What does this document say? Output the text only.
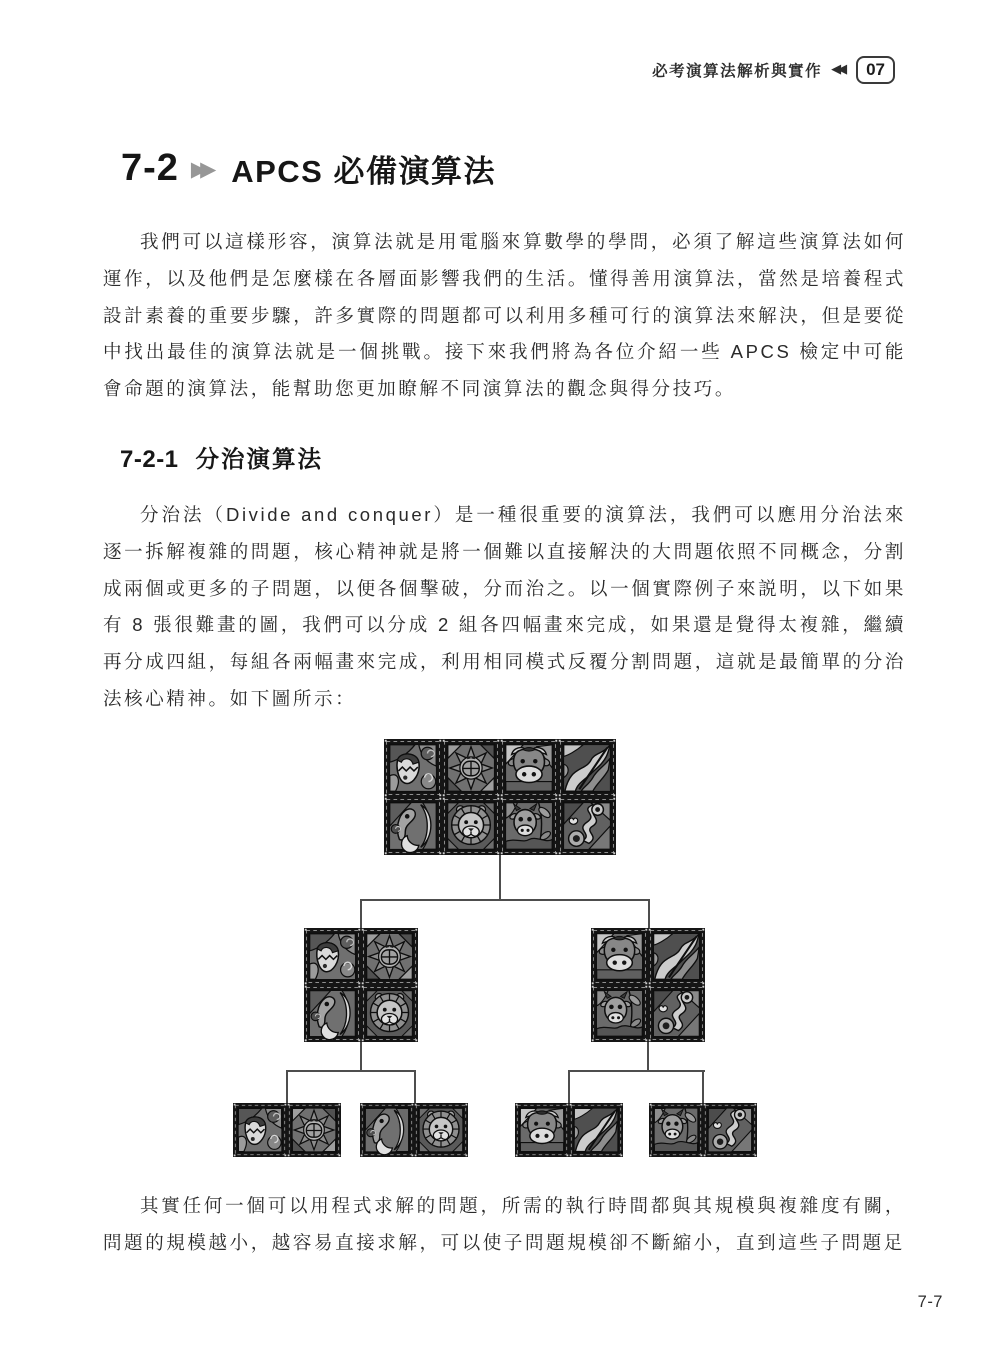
必考演算法解析與實作 ◀◀	07
7-2 ▶▶ APCS 必備演算法

我們可以這樣形容，演算法就是用電腦來算數學的學問，必須了解這些演算法如何運作，以及他們是怎麼樣在各層面影響我們的生活。懂得善用演算法，當然是培養程式設計素養的重要步驟，許多實際的問題都可以利用多種可行的演算法來解決，但是要從中找出最佳的演算法就是一個挑戰。接下來我們將為各位介紹一些 APCS 檢定中可能會命題的演算法，能幫助您更加瞭解不同演算法的觀念與得分技巧。

7-2-1 分治演算法

分治法（Divide and conquer）是一種很重要的演算法，我們可以應用分治法來逐一拆解複雜的問題，核心精神就是將一個難以直接解決的大問題依照不同概念，分割成兩個或更多的子問題，以便各個擊破，分而治之。以一個實際例子來説明，以下如果有 8 張很難畫的圖，我們可以分成 2 組各四幅畫來完成，如果還是覺得太複雜，繼續再分成四組，每組各兩幅畫來完成，利用相同模式反覆分割問題，這就是最簡單的分治法核心精神。如下圖所示：

其實任何一個可以用程式求解的問題，所需的執行時間都與其規模與複雜度有關，問題的規模越小，越容易直接求解，可以使子問題規模卻不斷縮小，直到這些子問題足

7-7
